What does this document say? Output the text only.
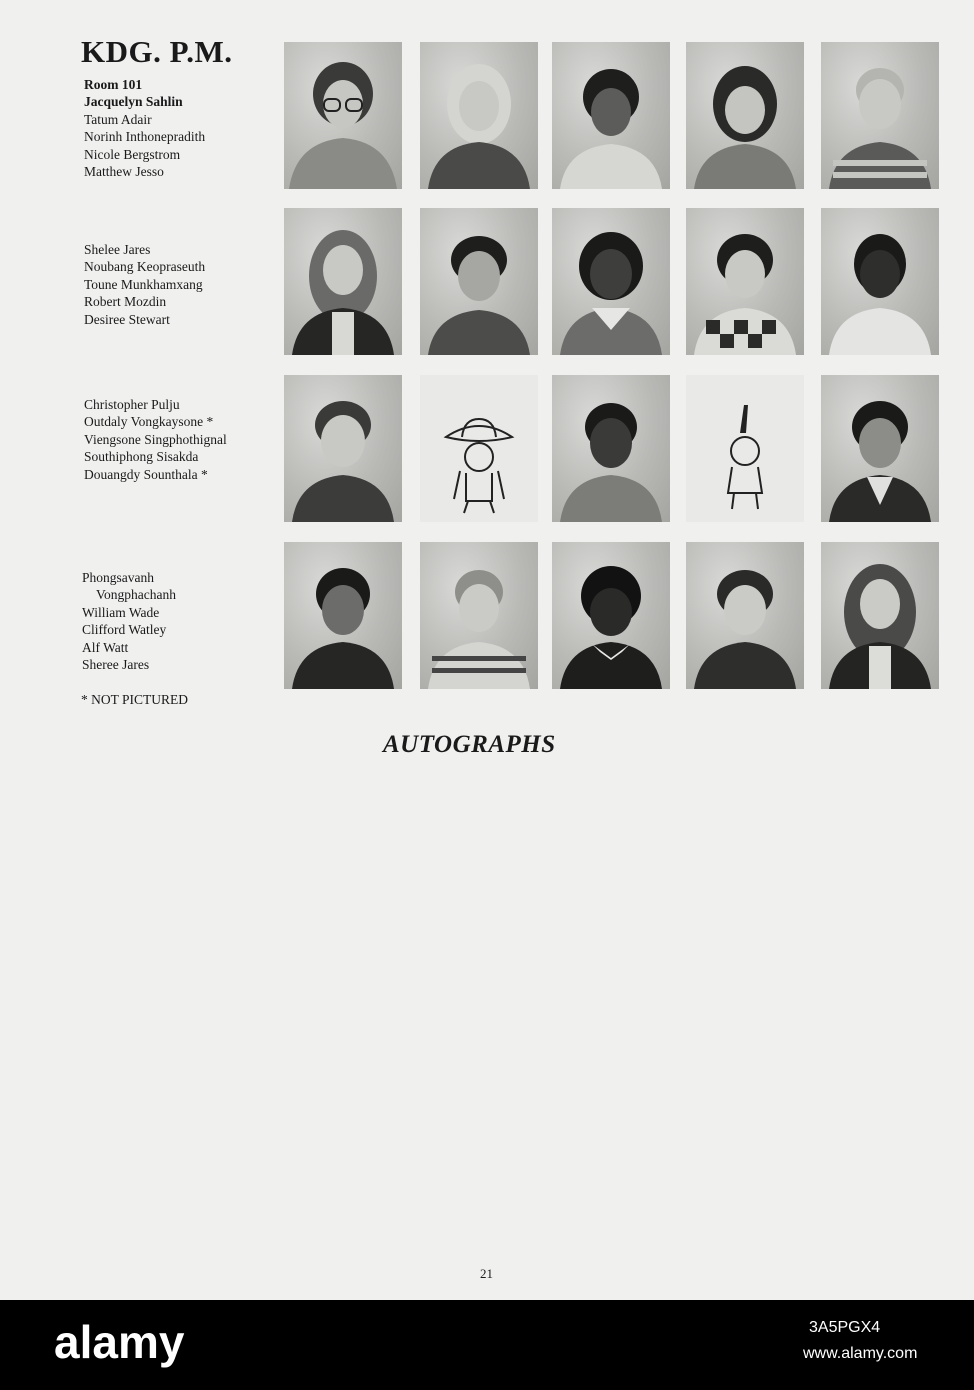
KDG. P.M.
Room 101
Jacquelyn Sahlin
Tatum Adair
Norinh Inthonepradith
Nicole Bergstrom
Matthew Jesso
Shelee Jares
Noubang Keopraseuth
Toune Munkhamxang
Robert Mozdin
Desiree Stewart
Christopher Pulju
Outdaly Vongkaysone *
Viengsone Singphothignal
Southiphong Sisakda
Douangdy Sounthala *
Phongsavanh
Vongphachanh
William Wade
Clifford Watley
Alf Watt
Sheree Jares
* NOT PICTURED
AUTOGRAPHS
21
alamy	3A5PGX4
www.alamy.com
